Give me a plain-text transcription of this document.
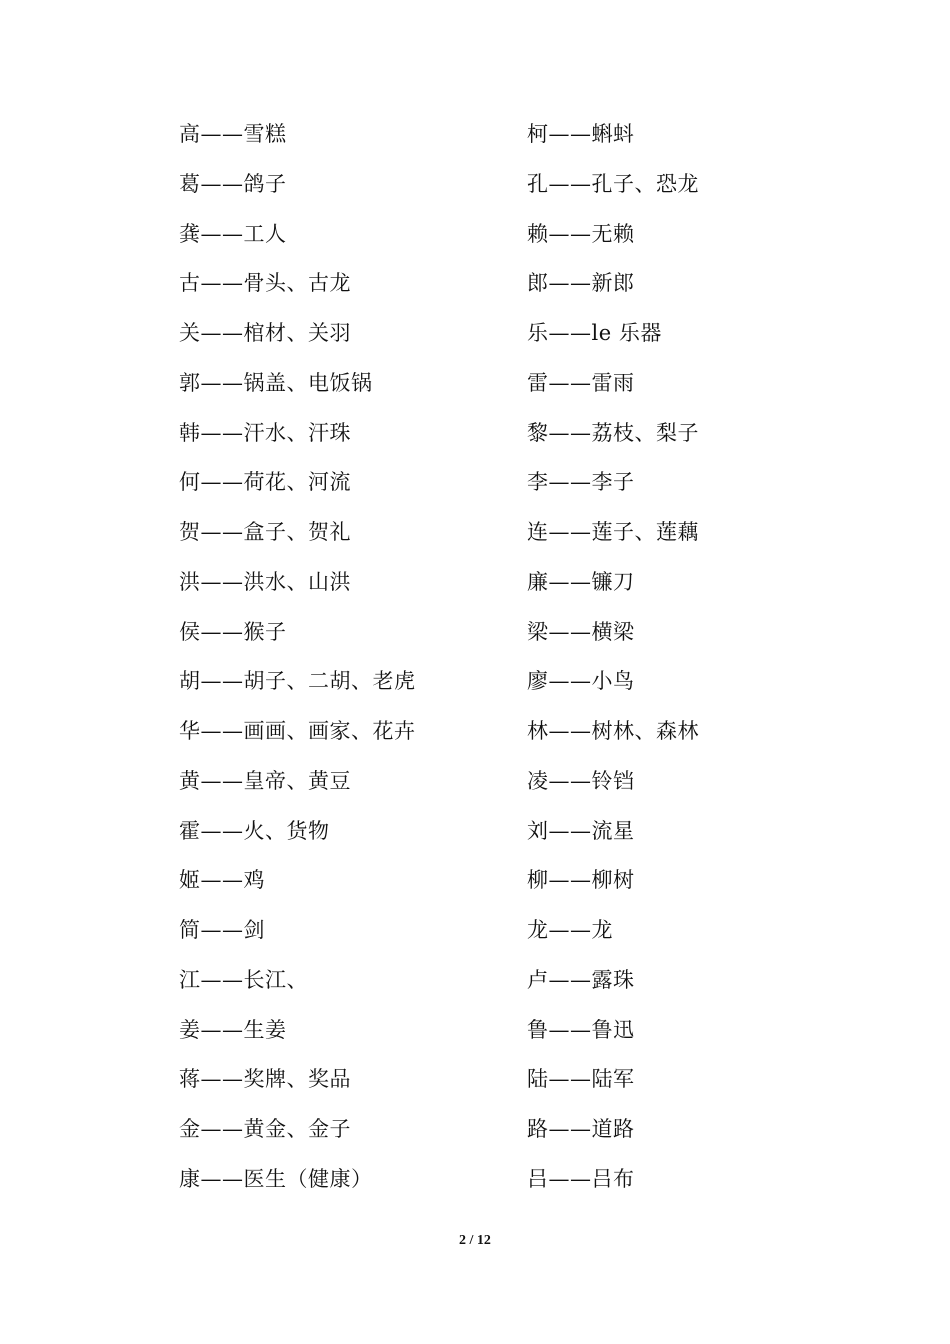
高——雪糕
葛——鸽子
龚——工人
古——骨头、古龙
关——棺材、关羽
郭——锅盖、电饭锅
韩——汗水、汗珠
何——荷花、河流
贺——盒子、贺礼
洪——洪水、山洪
侯——猴子
胡——胡子、二胡、老虎
华——画画、画家、花卉
黄——皇帝、黄豆
霍——火、货物
姬——鸡
简——剑
江——长江、
姜——生姜
蒋——奖牌、奖品
金——黄金、金子
康——医生（健康）
柯——蝌蚪
孔——孔子、恐龙
赖——无赖
郎——新郎
乐——le 乐器
雷——雷雨
黎——荔枝、梨子
李——李子
连——莲子、莲藕
廉——镰刀
梁——横梁
廖——小鸟
林——树林、森林
凌——铃铛
刘——流星
柳——柳树
龙——龙
卢——露珠
鲁——鲁迅
陆——陆军
路——道路
吕——吕布
2 / 12
